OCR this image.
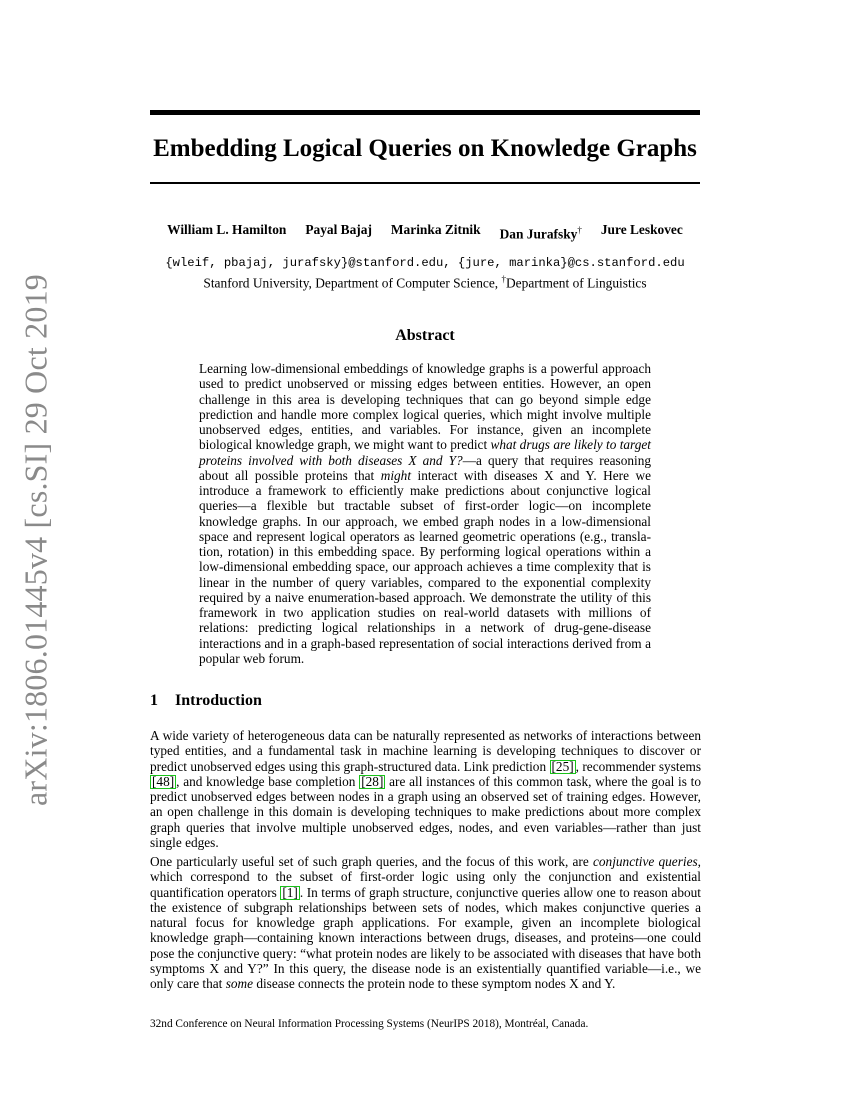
arXiv:1806.01445v4 [cs.SI] 29 Oct 2019
Embedding Logical Queries on Knowledge Graphs
William L. Hamilton Payal Bajaj Marinka Zitnik Dan Jurafsky† Jure Leskovec
{wleif, pbajaj, jurafsky}@stanford.edu, {jure, marinka}@cs.stanford.edu
Stanford University, Department of Computer Science, †Department of Linguistics
Abstract

Learning low-dimensional embeddings of knowledge graphs is a powerful approach used to predict unobserved or missing edges between entities. However, an open challenge in this area is developing techniques that can go beyond simple edge prediction and handle more complex logical queries, which might involve multiple unobserved edges, entities, and variables. For instance, given an incomplete biological knowledge graph, we might want to predict what drugs are likely to target proteins involved with both diseases X and Y?—a query that requires reasoning about all possible proteins that might interact with diseases X and Y. Here we introduce a framework to efficiently make predictions about conjunctive logical queries—a flexible but tractable subset of first-order logic—on incomplete knowledge graphs. In our approach, we embed graph nodes in a low-dimensional space and represent logical operators as learned geometric operations (e.g., translation, rotation) in this embedding space. By performing logical operations within a low-dimensional embedding space, our approach achieves a time complexity that is linear in the number of query variables, compared to the exponential complexity required by a naive enumeration-based approach. We demonstrate the utility of this framework in two application studies on real-world datasets with millions of relations: predicting logical relationships in a network of drug-gene-disease interactions and in a graph-based representation of social interactions derived from a popular web forum.

1	Introduction

A wide variety of heterogeneous data can be naturally represented as networks of interactions between typed entities, and a fundamental task in machine learning is developing techniques to discover or predict unobserved edges using this graph-structured data. Link prediction [25] , recommender systems [48] , and knowledge base completion [28] are all instances of this common task, where the goal is to predict unobserved edges between nodes in a graph using an observed set of training edges. However, an open challenge in this domain is developing techniques to make predictions about more complex graph queries that involve multiple unobserved edges, nodes, and even variables—rather than just single edges.

One particularly useful set of such graph queries, and the focus of this work, are conjunctive queries, which correspond to the subset of first-order logic using only the conjunction and existential quantification operators [1] . In terms of graph structure, conjunctive queries allow one to reason about the existence of subgraph relationships between sets of nodes, which makes conjunctive queries a natural focus for knowledge graph applications. For example, given an incomplete biological knowledge graph—containing known interactions between drugs, diseases, and proteins—one could pose the conjunctive query: “what protein nodes are likely to be associated with diseases that have both symptoms X and Y?” In this query, the disease node is an existentially quantified variable—i.e., we only care that some disease connects the protein node to these symptom nodes X and Y.

32nd Conference on Neural Information Processing Systems (NeurIPS 2018), Montréal, Canada.
